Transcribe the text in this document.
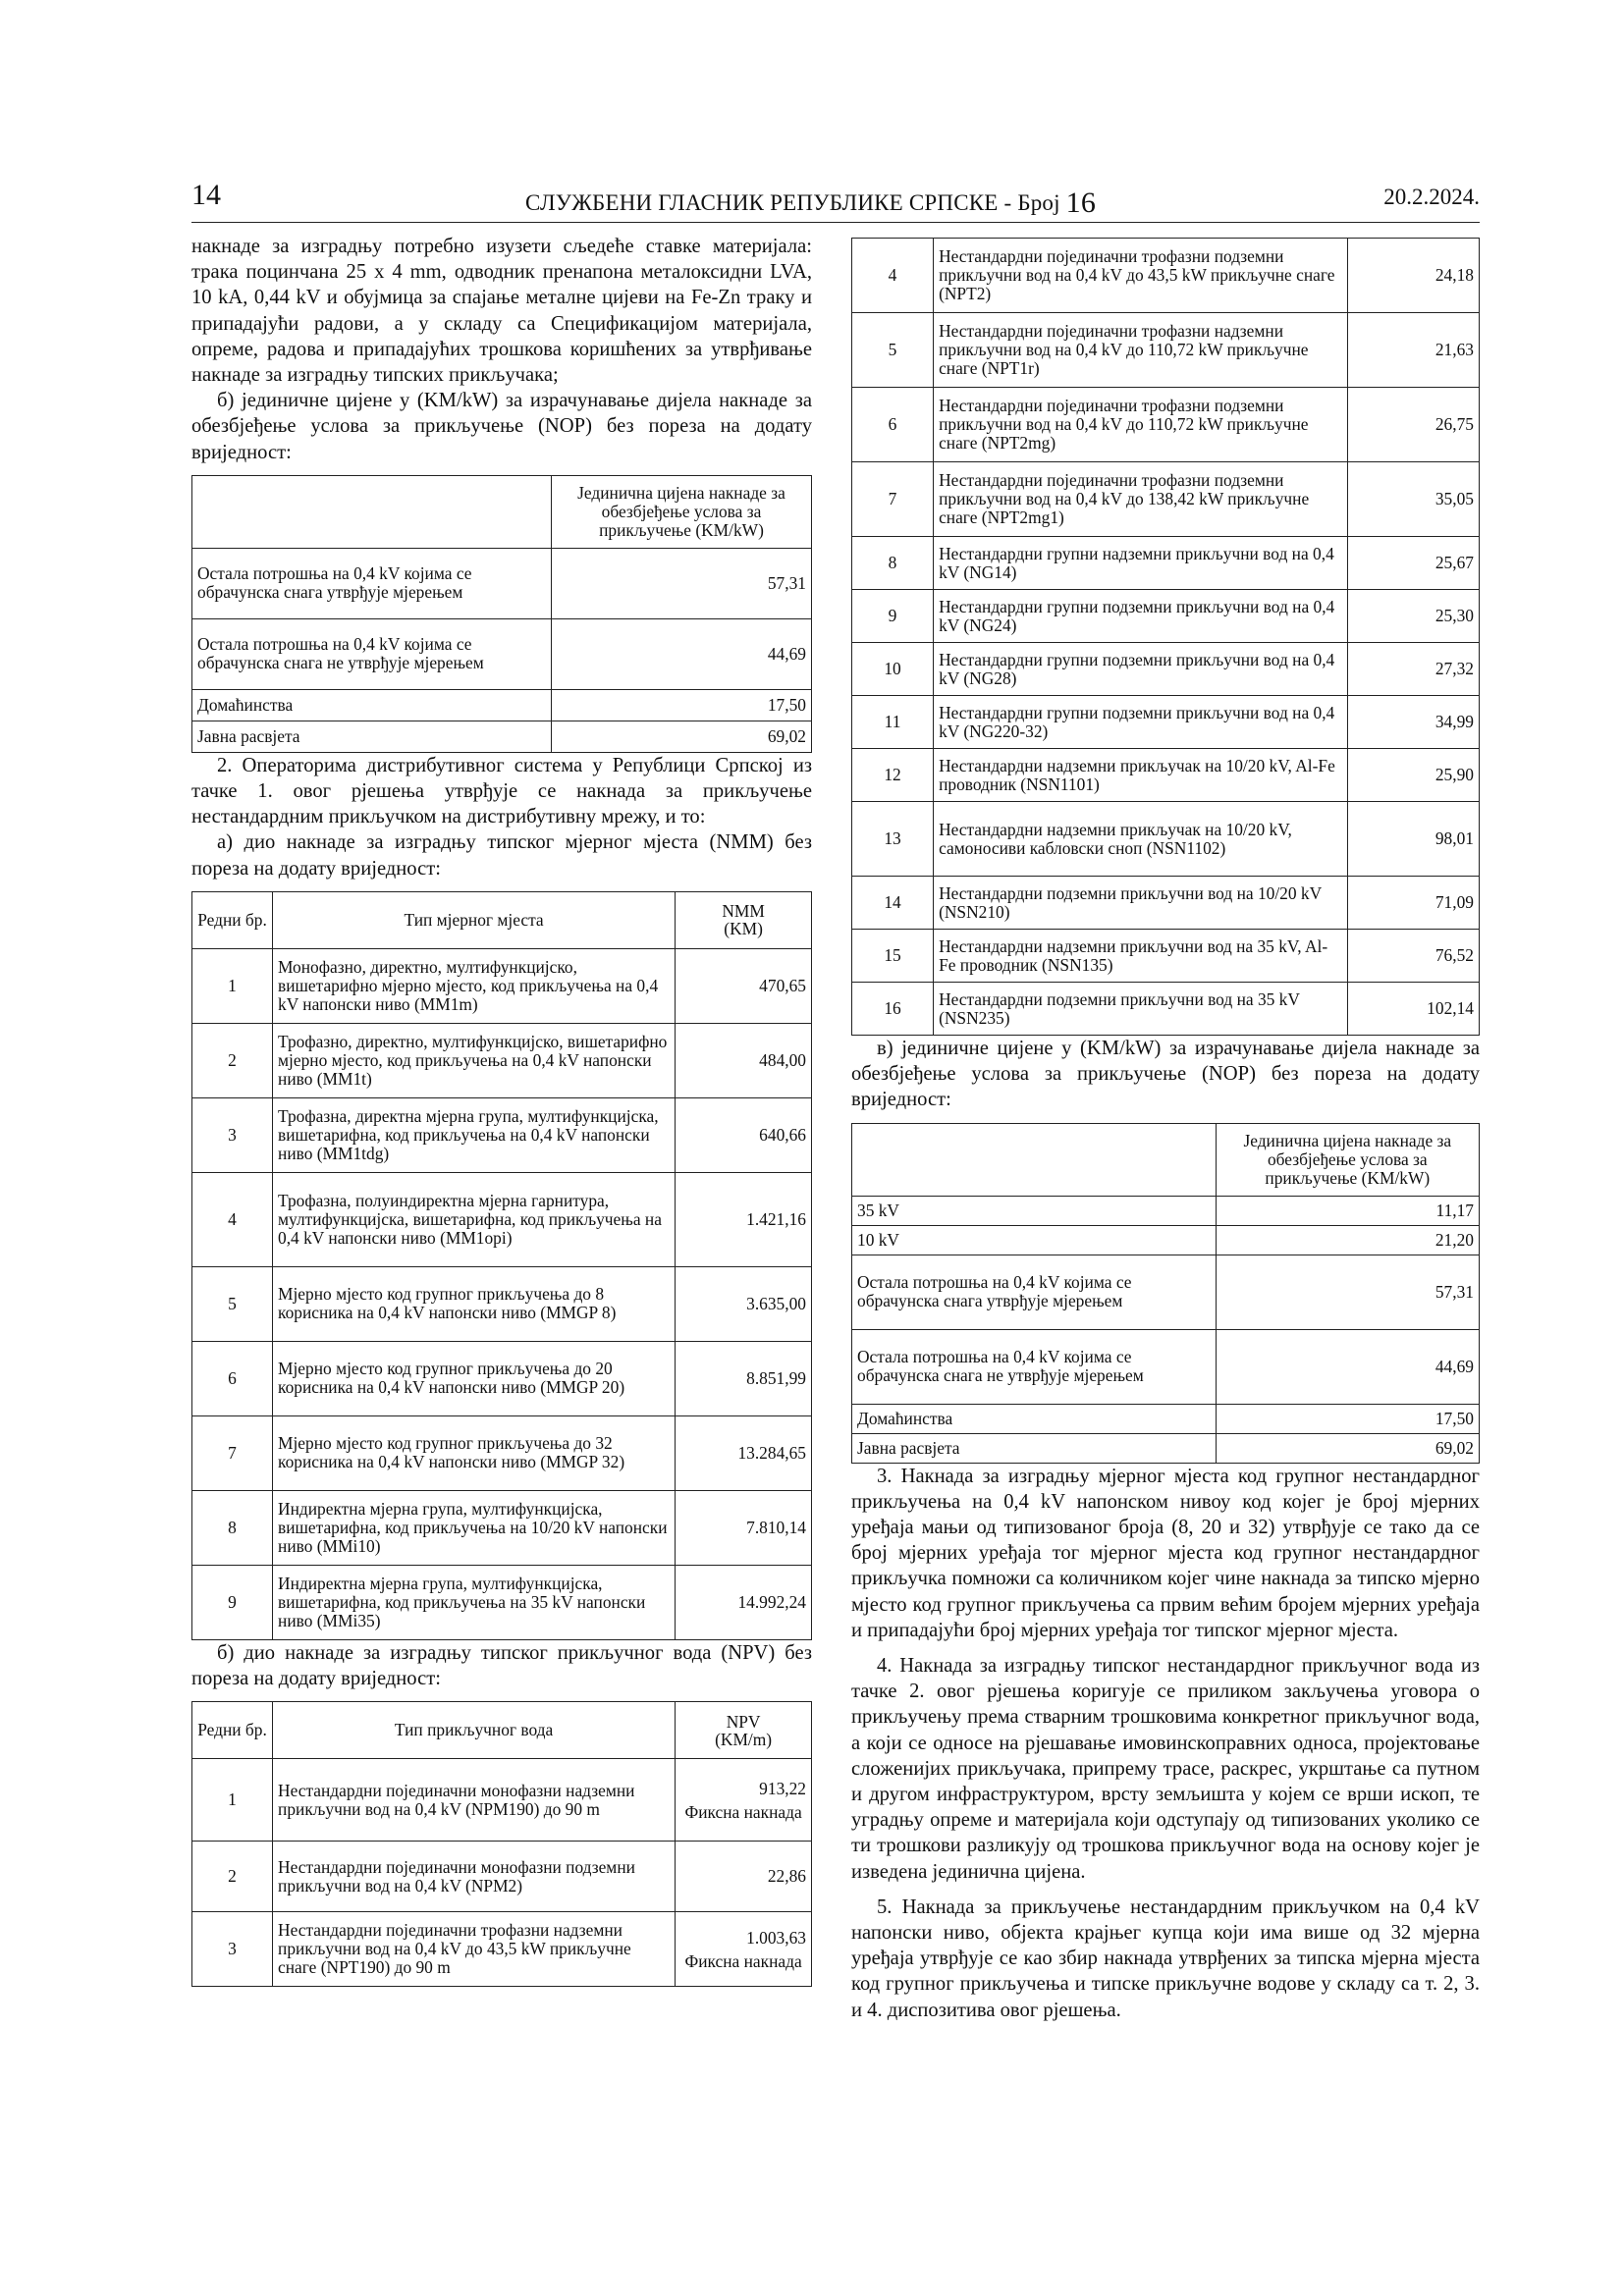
14	СЛУЖБЕНИ ГЛАСНИК РЕПУБЛИКЕ СРПСКЕ - Број 16	20.2.2024.

накнаде за изградњу потребно изузети сљедеће ставке материјала: трака поцинчана 25 x 4 mm, одводник пренапона металоксидни LVA, 10 kA, 0,44 kV и обујмица за спајање металне цијеви на Fe-Zn траку и припадајући радови, а у складу са Спецификацијом материјала, опреме, радова и припадајућих трошкова коришћених за утврђивање накнаде за изградњу типских прикључака;

б) јединичне цијене у (KM/kW) за израчунавање дијела накнаде за обезбјеђење услова за прикључење (NOP) без пореза на додату вриједност:

	Јединична цијена накнаде за обезбјеђење услова за прикључење (KM/kW)
Остала потрошња на 0,4 kV којима се обрачунска снага утврђује мјерењем	57,31
Остала потрошња на 0,4 kV којима се обрачунска снага не утврђује мјерењем	44,69
Домаћинства	17,50
Јавна расвјета	69,02

2. Операторима дистрибутивног система у Републици Српској из тачке 1. овог рјешења утврђује се накнада за прикључење нестандардним прикључком на дистрибутивну мрежу, и то:

а) дио накнаде за изградњу типског мјерног мјеста (NMM) без пореза на додату вриједност:

Редни бр.	Тип мјерног мјеста	NMM
(KM)

1	Монофазно, директно, мултифункцијско, вишетарифно мјерно мјесто, код прикључења на 0,4 kV напонски ниво (MM1m)	470,65
2	Трофазно, директно, мултифункцијско, вишетарифно мјерно мјесто, код прикључења на 0,4 kV напонски ниво (MM1t)	484,00
3	Трофазна, директна мјерна група, мултифункцијска, вишетарифна, код прикључења на 0,4 kV напонски ниво (MM1tdg)	640,66
4	Трофазна, полуиндиректна мјерна гарнитура, мултифункцијска, вишетарифна, код прикључења на 0,4 kV напонски ниво (MM1opi)	1.421,16
5	Мјерно мјесто код групног прикључења до 8 корисника на 0,4 kV напонски ниво (MMGP 8)	3.635,00
6	Мјерно мјесто код групног прикључења до 20 корисника на 0,4 kV напонски ниво (MMGP 20)	8.851,99
7	Мјерно мјесто код групног прикључења до 32 корисника на 0,4 kV напонски ниво (MMGP 32)	13.284,65
8	Индиректна мјерна група, мултифункцијска, вишетарифна, код прикључења на 10/20 kV напонски ниво (MMi10)	7.810,14
9	Индиректна мјерна група, мултифункцијска, вишетарифна, код прикључења на 35 kV напонски ниво (MMi35)	14.992,24

б) дио накнаде за изградњу типског прикључног вода (NPV) без пореза на додату вриједност:

Редни бр.	Тип прикључног вода	NPV
(KM/m)

1	Нестандардни појединачни монофазни надземни прикључни вод на 0,4 kV (NPM190) до 90 m	913,22
Фиксна накнада

2	Нестандардни појединачни монофазни подземни прикључни вод на 0,4 kV (NPM2)	22,86
3	Нестандардни појединачни трофазни надземни прикључни вод на 0,4 kV до 43,5 kW прикључне снаге (NPT190) до 90 m	1.003,63
Фиксна накнада
4	Нестандардни појединачни трофазни подземни прикључни вод на 0,4 kV до 43,5 kW прикључне снаге (NPT2)	24,18
5	Нестандардни појединачни трофазни надземни прикључни вод на 0,4 kV до 110,72 kW прикључне снаге (NPT1r)	21,63
6	Нестандардни појединачни трофазни подземни прикључни вод на 0,4 kV до 110,72 kW прикључне снаге (NPT2mg)	26,75
7	Нестандардни појединачни трофазни подземни прикључни вод на 0,4 kV до 138,42 kW прикључне снаге (NPT2mg1)	35,05
8	Нестандардни групни надземни прикључни вод на 0,4 kV (NG14)	25,67
9	Нестандардни групни подземни прикључни вод на 0,4 kV (NG24)	25,30
10	Нестандардни групни подземни прикључни вод на 0,4 kV (NG28)	27,32
11	Нестандардни групни подземни прикључни вод на 0,4 kV (NG220-32)	34,99
12	Нестандардни надземни прикључак на 10/20 kV, Al-Fe проводник (NSN1101)	25,90
13	Нестандардни надземни прикључак на 10/20 kV, самоносиви кабловски сноп (NSN1102)	98,01
14	Нестандардни подземни прикључни вод на 10/20 kV (NSN210)	71,09
15	Нестандардни надземни прикључни вод на 35 kV, Al-Fe проводник (NSN135)	76,52
16	Нестандардни подземни прикључни вод на 35 kV (NSN235)	102,14

в) јединичне цијене у (KM/kW) за израчунавање дијела накнаде за обезбјеђење услова за прикључење (NOP) без пореза на додату вриједност:

	Јединична цијена накнаде за обезбјеђење услова за прикључење (KM/kW)
35 kV	11,17
10 kV	21,20
Остала потрошња на 0,4 kV којима се обрачунска снага утврђује мјерењем	57,31
Остала потрошња на 0,4 kV којима се обрачунска снага не утврђује мјерењем	44,69
Домаћинства	17,50
Јавна расвјета	69,02

3. Накнада за изградњу мјерног мјеста код групног нестандардног прикључења на 0,4 kV напонском нивоу код којег је број мјерних уређаја мањи од типизованог броја (8, 20 и 32) утврђује се тако да се број мјерних уређаја тог мјерног мјеста код групног нестандардног прикључка помножи са количником којег чине накнада за типско мјерно мјесто код групног прикључења са првим већим бројем мјерних уређаја и припадајући број мјерних уређаја тог типског мјерног мјеста.

4. Накнада за изградњу типског нестандардног прикључног вода из тачке 2. овог рјешења коригује се приликом закључења уговора о прикључењу према стварним трошковима конкретног прикључног вода, а који се односе на рјешавање имовинскоправних односа, пројектовање сложенијих прикључака, припрему трасе, раскрес, укрштање са путном и другом инфраструктуром, врсту земљишта у којем се врши ископ, те уградњу опреме и материјала који одступају од типизованих уколико се ти трошкови разликују од трошкова прикључног вода на основу којег је изведена јединична цијена.

5. Накнада за прикључење нестандардним прикључком на 0,4 kV напонски ниво, објекта крајњег купца који има више од 32 мјерна уређаја утврђује се као збир накнада утврђених за типска мјерна мјеста код групног прикључења и типске прикључне водове у складу са т. 2, 3. и 4. диспозитива овог рјешења.
